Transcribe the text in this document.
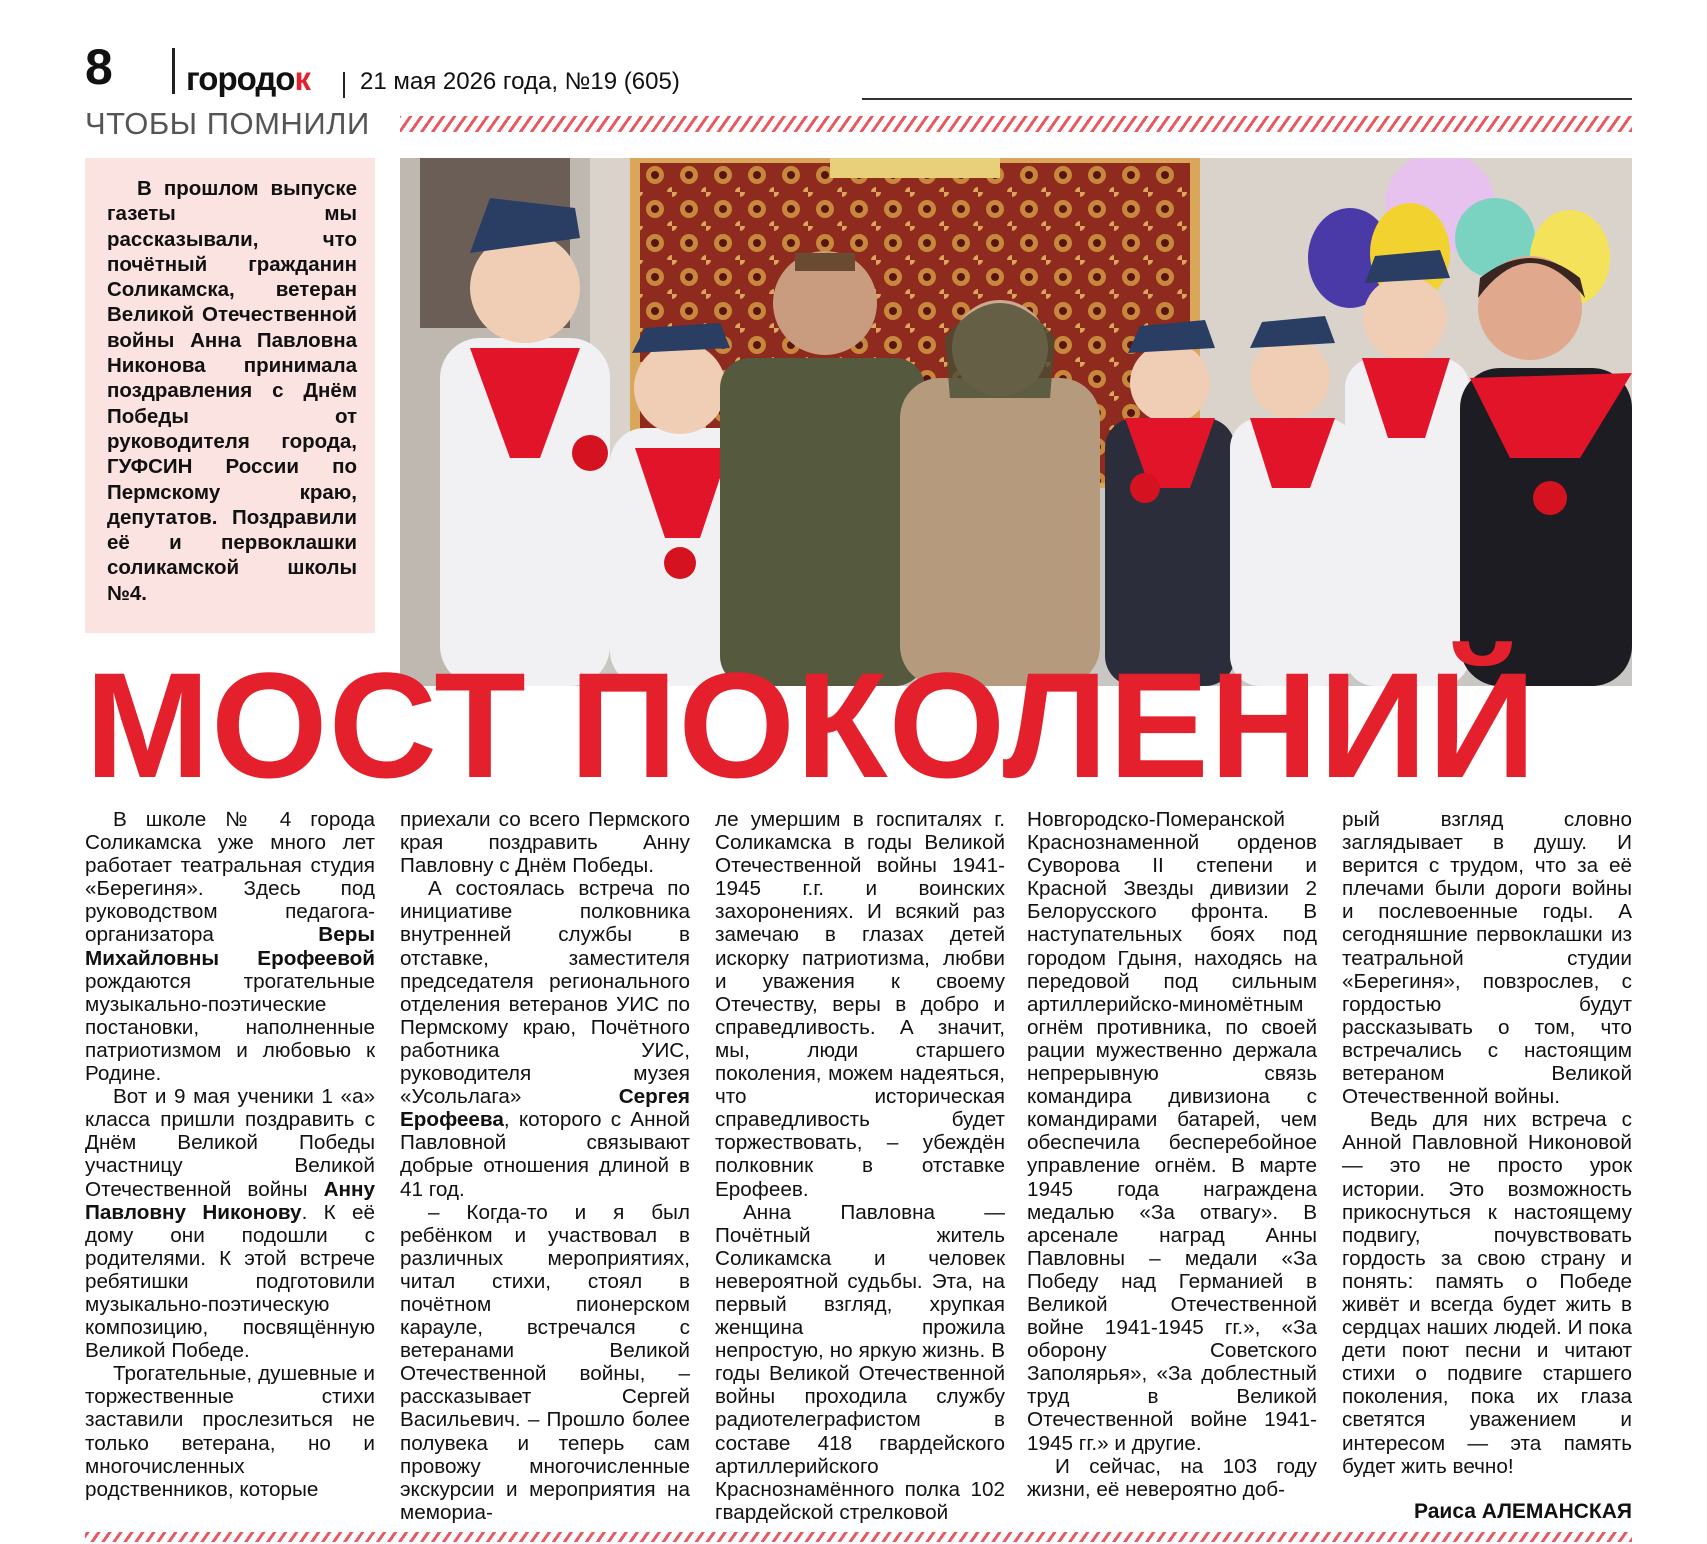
8 городок 21 мая 2026 года, №19 (605)
ЧТОБЫ ПОМНИЛИ

В прошлом выпуске газеты мы рассказывали, что почётный гражданин Соликамска, ветеран Великой Отечественной войны Анна Павловна Никонова принимала поздравления с Днём Победы от руководителя города, ГУФСИН России по Пермскому краю, депутатов. Поздравили её и первоклашки соликамской школы №4.

МОСТ ПОКОЛЕНИЙ

В школе № 4 города Соликамска уже много лет работает театральная студия «Берегиня». Здесь под руководством педагога-организатора Веры Михайловны Ерофеевой рождаются трогательные музыкально-поэтические постановки, наполненные патриотизмом и любовью к Родине.

Вот и 9 мая ученики 1 «а» класса пришли поздравить с Днём Великой Победы участницу Великой Отечественной войны Анну Павловну Никонову. К её дому они подошли с родителями. К этой встрече ребятишки подготовили музыкально-поэтическую композицию, посвящённую Великой Победе.

Трогательные, душевные и торжественные стихи заставили прослезиться не только ветерана, но и многочисленных родственников, которые

приехали со всего Пермского края поздравить Анну Павловну с Днём Победы.

А состоялась встреча по инициативе полковника внутренней службы в отставке, заместителя председателя регионального отделения ветеранов УИС по Пермскому краю, Почётного работника УИС, руководителя музея «Усольлага» Сергея Ерофеева, которого с Анной Павловной связывают добрые отношения длиной в 41 год.

– Когда-то и я был ребёнком и участвовал в различных мероприятиях, читал стихи, стоял в почётном пионерском карауле, встречался с ветеранами Великой Отечественной войны, – рассказывает Сергей Васильевич. – Прошло более полувека и теперь сам провожу многочисленные экскурсии и мероприятия на мемориа-

ле умершим в госпиталях г. Соликамска в годы Великой Отечественной войны 1941-1945 г.г. и воинских захоронениях. И всякий раз замечаю в глазах детей искорку патриотизма, любви и уважения к своему Отечеству, веры в добро и справедливость. А значит, мы, люди старшего поколения, можем надеяться, что историческая справедливость будет торжествовать, – убеждён полковник в отставке Ерофеев.

Анна Павловна — Почётный житель Соликамска и человек невероятной судьбы. Эта, на первый взгляд, хрупкая женщина прожила непростую, но яркую жизнь. В годы Великой Отечественной войны проходила службу радиотелеграфистом в составе 418 гвардейского артиллерийского Краснознамённого полка 102 гвардейской стрелковой

Новгородско-Померанской Краснознаменной орденов Суворова II степени и Красной Звезды дивизии 2 Белорусского фронта. В наступательных боях под городом Гдыня, находясь на передовой под сильным артиллерийско-миномётным огнём противника, по своей рации мужественно держала непрерывную связь командира дивизиона с командирами батарей, чем обеспечила бесперебойное управление огнём. В марте 1945 года награждена медалью «За отвагу». В арсенале наград Анны Павловны – медали «За Победу над Германией в Великой Отечественной войне 1941-1945 гг.», «За оборону Советского Заполярья», «За доблестный труд в Великой Отечественной войне 1941-1945 гг.» и другие.

И сейчас, на 103 году жизни, её невероятно доб-

рый взгляд словно заглядывает в душу. И верится с трудом, что за её плечами были дороги войны и послевоенные годы. А сегодняшние первоклашки из театральной студии «Берегиня», повзрослев, с гордостью будут рассказывать о том, что встречались с настоящим ветераном Великой Отечественной войны.

Ведь для них встреча с Анной Павловной Никоновой — это не просто урок истории. Это возможность прикоснуться к настоящему подвигу, почувствовать гордость за свою страну и понять: память о Победе живёт и всегда будет жить в сердцах наших людей. И пока дети поют песни и читают стихи о подвиге старшего поколения, пока их глаза светятся уважением и интересом — эта память будет жить вечно!

Раиса АЛЕМАНСКАЯ
